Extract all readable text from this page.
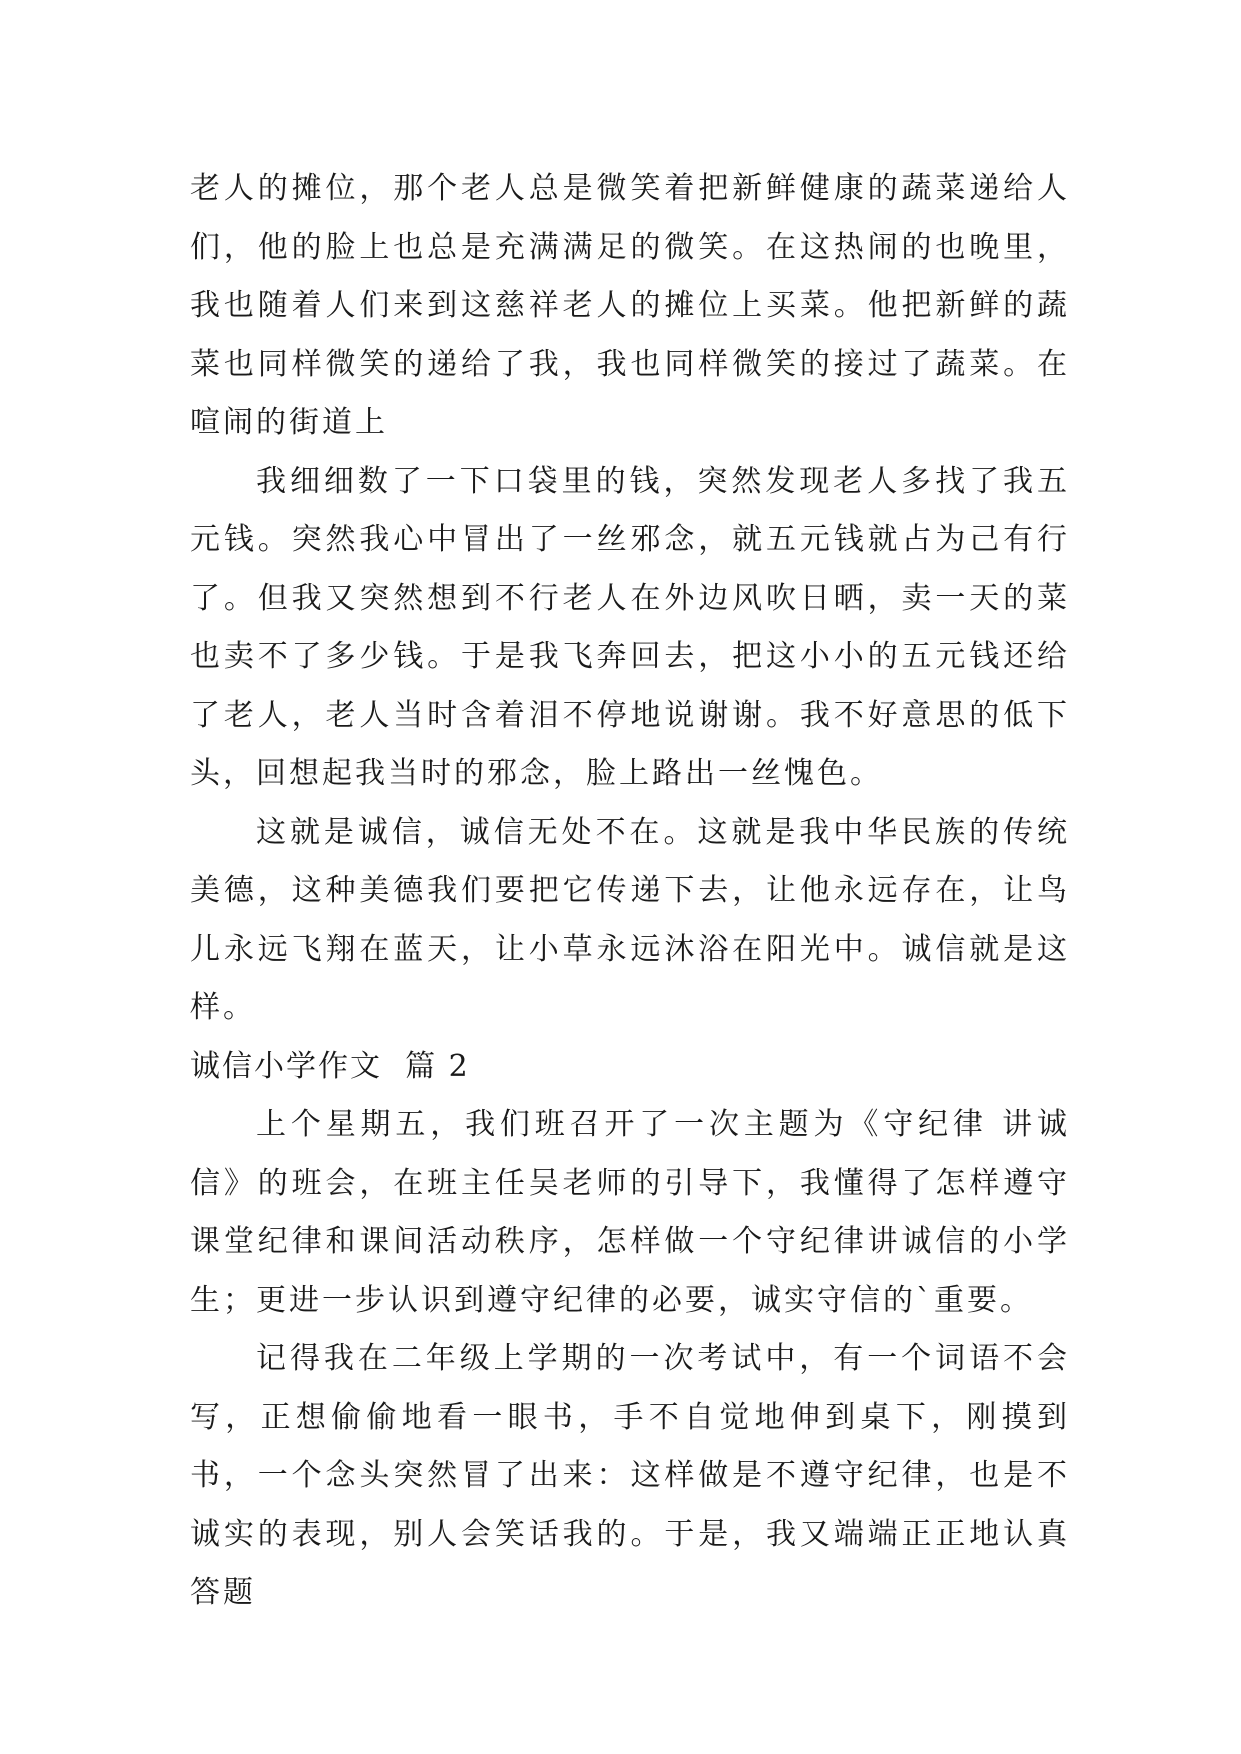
老人的摊位，那个老人总是微笑着把新鲜健康的蔬菜递给人们，他的脸上也总是充满满足的微笑。在这热闹的也晚里，我也随着人们来到这慈祥老人的摊位上买菜。他把新鲜的蔬菜也同样微笑的递给了我，我也同样微笑的接过了蔬菜。在喧闹的街道上

我细细数了一下口袋里的钱，突然发现老人多找了我五元钱。突然我心中冒出了一丝邪念，就五元钱就占为己有行了。但我又突然想到不行老人在外边风吹日晒，卖一天的菜也卖不了多少钱。于是我飞奔回去，把这小小的五元钱还给了老人，老人当时含着泪不停地说谢谢。我不好意思的低下头，回想起我当时的邪念，脸上路出一丝愧色。

这就是诚信，诚信无处不在。这就是我中华民族的传统美德，这种美德我们要把它传递下去，让他永远存在，让鸟儿永远飞翔在蓝天，让小草永远沐浴在阳光中。诚信就是这样。

诚信小学作文  篇 2

上个星期五，我们班召开了一次主题为《守纪律 讲诚信》的班会，在班主任吴老师的引导下，我懂得了怎样遵守课堂纪律和课间活动秩序，怎样做一个守纪律讲诚信的小学生；更进一步认识到遵守纪律的必要，诚实守信的`重要。

记得我在二年级上学期的一次考试中，有一个词语不会写，正想偷偷地看一眼书，手不自觉地伸到桌下，刚摸到书，一个念头突然冒了出来：这样做是不遵守纪律，也是不诚实的表现，别人会笑话我的。于是，我又端端正正地认真答题
